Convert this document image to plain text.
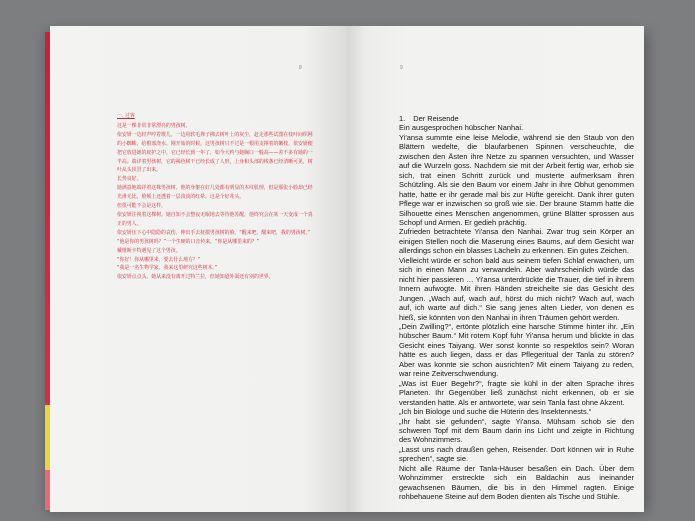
8

一. 过客

这是一棵非常非常漂亮的男孩树。

依安妍一边轻声哼着歌儿，一边用软毛掸子拂去树叶上的灰尘，赶走那些试图在枝叶间织网的小蜘蛛，给根部浇水。刚开始的时候，这男孩树只不过是一根用支撑着的嫩枝，依安妍便把它放进她的庇护之中。它已经长到一年了，如今大约与她胸口一般高——差不多有她的一半高。端详着男孩树，它的褐色树干已经长成了人形，上身和头部的线条已经清晰可见，树叶从头顶冒了出来。

长势良好。

她满意地端详着这株男孩树。他的身躯在好几处都有明显的木纹肌理，但是那张小脸却已经光滑无比，脸颊上还透着一层淡淡的红晕。这是个好兆头。

但很可能不会是这样。

依安妍注视着这棵树。她自知不会整夜无眠地去等待他苏醒，他终究会在某一天变成一个真正的男人。

依安妍压下心中隐隐的哀伤，伸出手去抚摸男孩树的脸。“醒来吧，醒来吧，我的男孩树。”

“他是你的男孩树吗？”一个生硬的口音传来，“你是从哪里来的？”

戴维斯卡特遇见了这个男孩。

“你好！你从哪里来，要去什么地方？”

“我是一名生物学家，我来这里研究这些树木。”

依安妍点点头。她从来没有离开过特兰拉，但她知道外面还有别的世界。

9
1. Der Reisende

Ein ausgesprochen hübscher Nanhai.

Yi'ansa summte eine leise Melodie, während sie den Staub von den Blättern wedelte, die blaufarbenen Spinnen verscheuchte, die zwischen den Ästen ihre Netze zu spannen versuchten, und Wasser auf die Wurzeln goss. Nachdem sie mit der Arbeit fertig war, erhob sie sich, trat einen Schritt zurück und musterte aufmerksam ihren Schützling. Als sie den Baum vor einem Jahr in ihre Obhut genommen hatte, hatte er ihr gerade mal bis zur Hüfte gereicht. Dank ihrer guten Pflege war er inzwischen so groß wie sie. Der braune Stamm hatte die Silhouette eines Menschen angenommen, grüne Blätter sprossen aus Schopf und Armen. Er gedieh prächtig.

Zufrieden betrachtete Yi'ansa den Nanhai. Zwar trug sein Körper an einigen Stellen noch die Maserung eines Baums, auf dem Gesicht war allerdings schon ein blasses Lächeln zu erkennen. Ein gutes Zeichen.

Vielleicht würde er schon bald aus seinem tiefen Schlaf erwachen, um sich in einen Mann zu verwandeln. Aber wahrscheinlich würde das nicht hier passieren … Yi'ansa unterdrückte die Trauer, die tief in ihrem Innern aufwogte. Mit ihren Händen streichelte sie das Gesicht des Jungen. „Wach auf, wach auf, hörst du mich nicht? Wach auf, wach auf, ich warte auf dich.“ Sie sang jenes alten Lieder, von denen es hieß, sie könnten von den Nanhai in ihren Träumen gehört werden.

„Dein Zwilling?“, ertönte plötzlich eine harsche Stimme hinter ihr. „Ein hübscher Baum.“ Mit rotem Kopf fuhr Yi'ansa herum und blickte in das Gesicht eines Taiyang. Wer sonst konnte so respektlos sein? Woran hätte es auch liegen, dass er das Pflegeritual der Tanla zu stören? Aber was konnte sie schon ausrichten? Mit einem Taiyang zu reden, war reine Zeitverschwendung.

„Was ist Euer Begehr?“, fragte sie kühl in der alten Sprache ihres Planeten. Ihr Gegenüber ließ zunächst nicht erkennen, ob er sie verstanden hatte. Als er antwortete, war sein Tanla fast ohne Akzent.

„Ich bin Biologe und suche die Hüterin des Insektennests.“

„Ihr habt sie gefunden“, sagte Yi'ansa. Mühsam schob sie den schweren Topf mit dem Baum darin ins Licht und zeigte in Richtung des Wohnzimmers.

„Lasst uns nach draußen gehen, Reisender. Dort können wir in Ruhe sprechen“, sagte sie.

Nicht alle Räume der Tanla-Häuser besaßen ein Dach. Über dem Wohnzimmer erstreckte sich ein Baldachin aus ineinander gewachsenen Bäumen, die bis in den Himmel ragten. Einige rohbehauene Steine auf dem Boden dienten als Tische und Stühle.
